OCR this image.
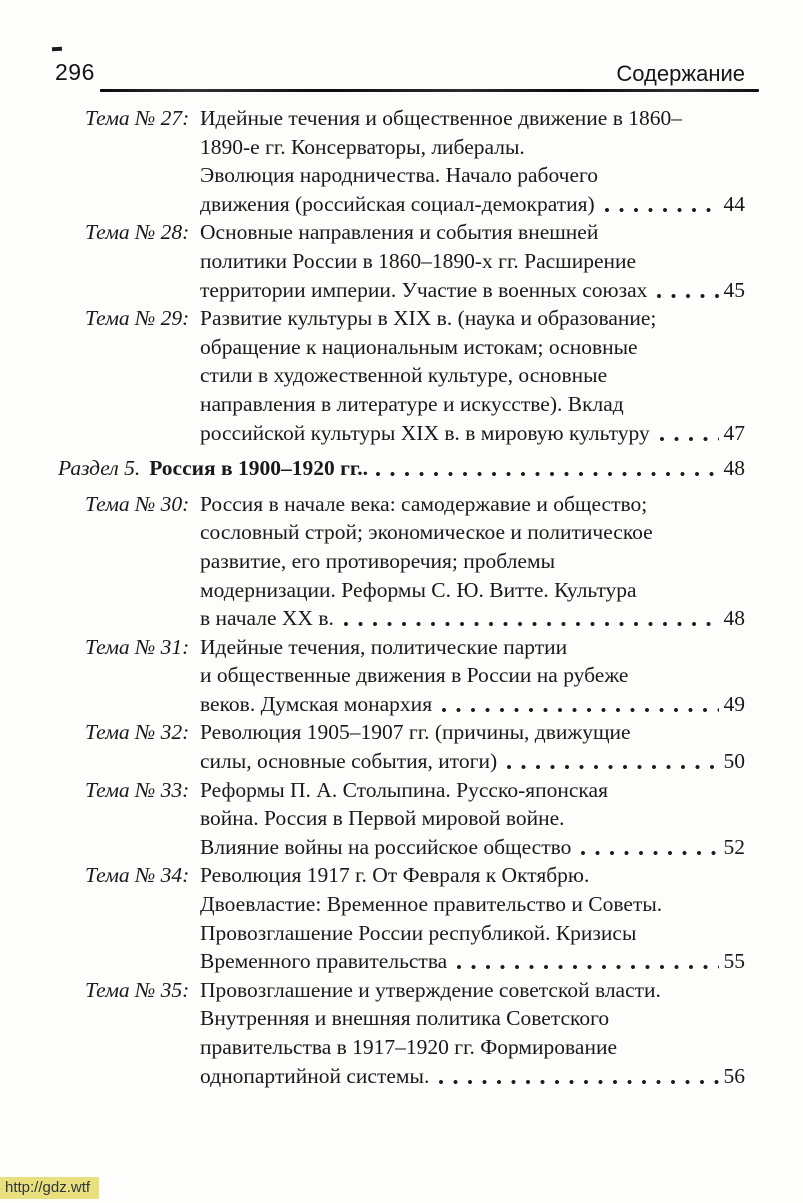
296	Содержание
Тема № 27: Идейные течения и общественное движение в 1860–
1890-е гг. Консерваторы, либералы.
Эволюция народничества. Начало рабочего
движения (российская социал-демократия)	44
Тема № 28: Основные направления и события внешней
политики России в 1860–1890-х гг. Расширение
территории империи. Участие в военных союзах	45
Тема № 29: Развитие культуры в XIX в. (наука и образование;
обращение к национальным истокам; основные
стили в художественной культуре, основные
направления в литературе и искусстве). Вклад
российской культуры XIX в. в мировую культуру	47
Раздел 5. Россия в 1900–1920 гг..	48
Тема № 30: Россия в начале века: самодержавие и общество;
сословный строй; экономическое и политическое
развитие, его противоречия; проблемы
модернизации. Реформы С. Ю. Витте. Культура
в начале XX в.	48
Тема № 31: Идейные течения, политические партии
и общественные движения в России на рубеже
веков. Думская монархия	49
Тема № 32: Революция 1905–1907 гг. (причины, движущие
силы, основные события, итоги)	50
Тема № 33: Реформы П. А. Столыпина. Русско-японская
война. Россия в Первой мировой войне.
Влияние войны на российское общество	52
Тема № 34: Революция 1917 г. От Февраля к Октябрю.
Двоевластие: Временное правительство и Советы.
Провозглашение России республикой. Кризисы
Временного правительства	55
Тема № 35: Провозглашение и утверждение советской власти.
Внутренняя и внешняя политика Советского
правительства в 1917–1920 гг. Формирование
однопартийной системы.	56
http://gdz.wtf
